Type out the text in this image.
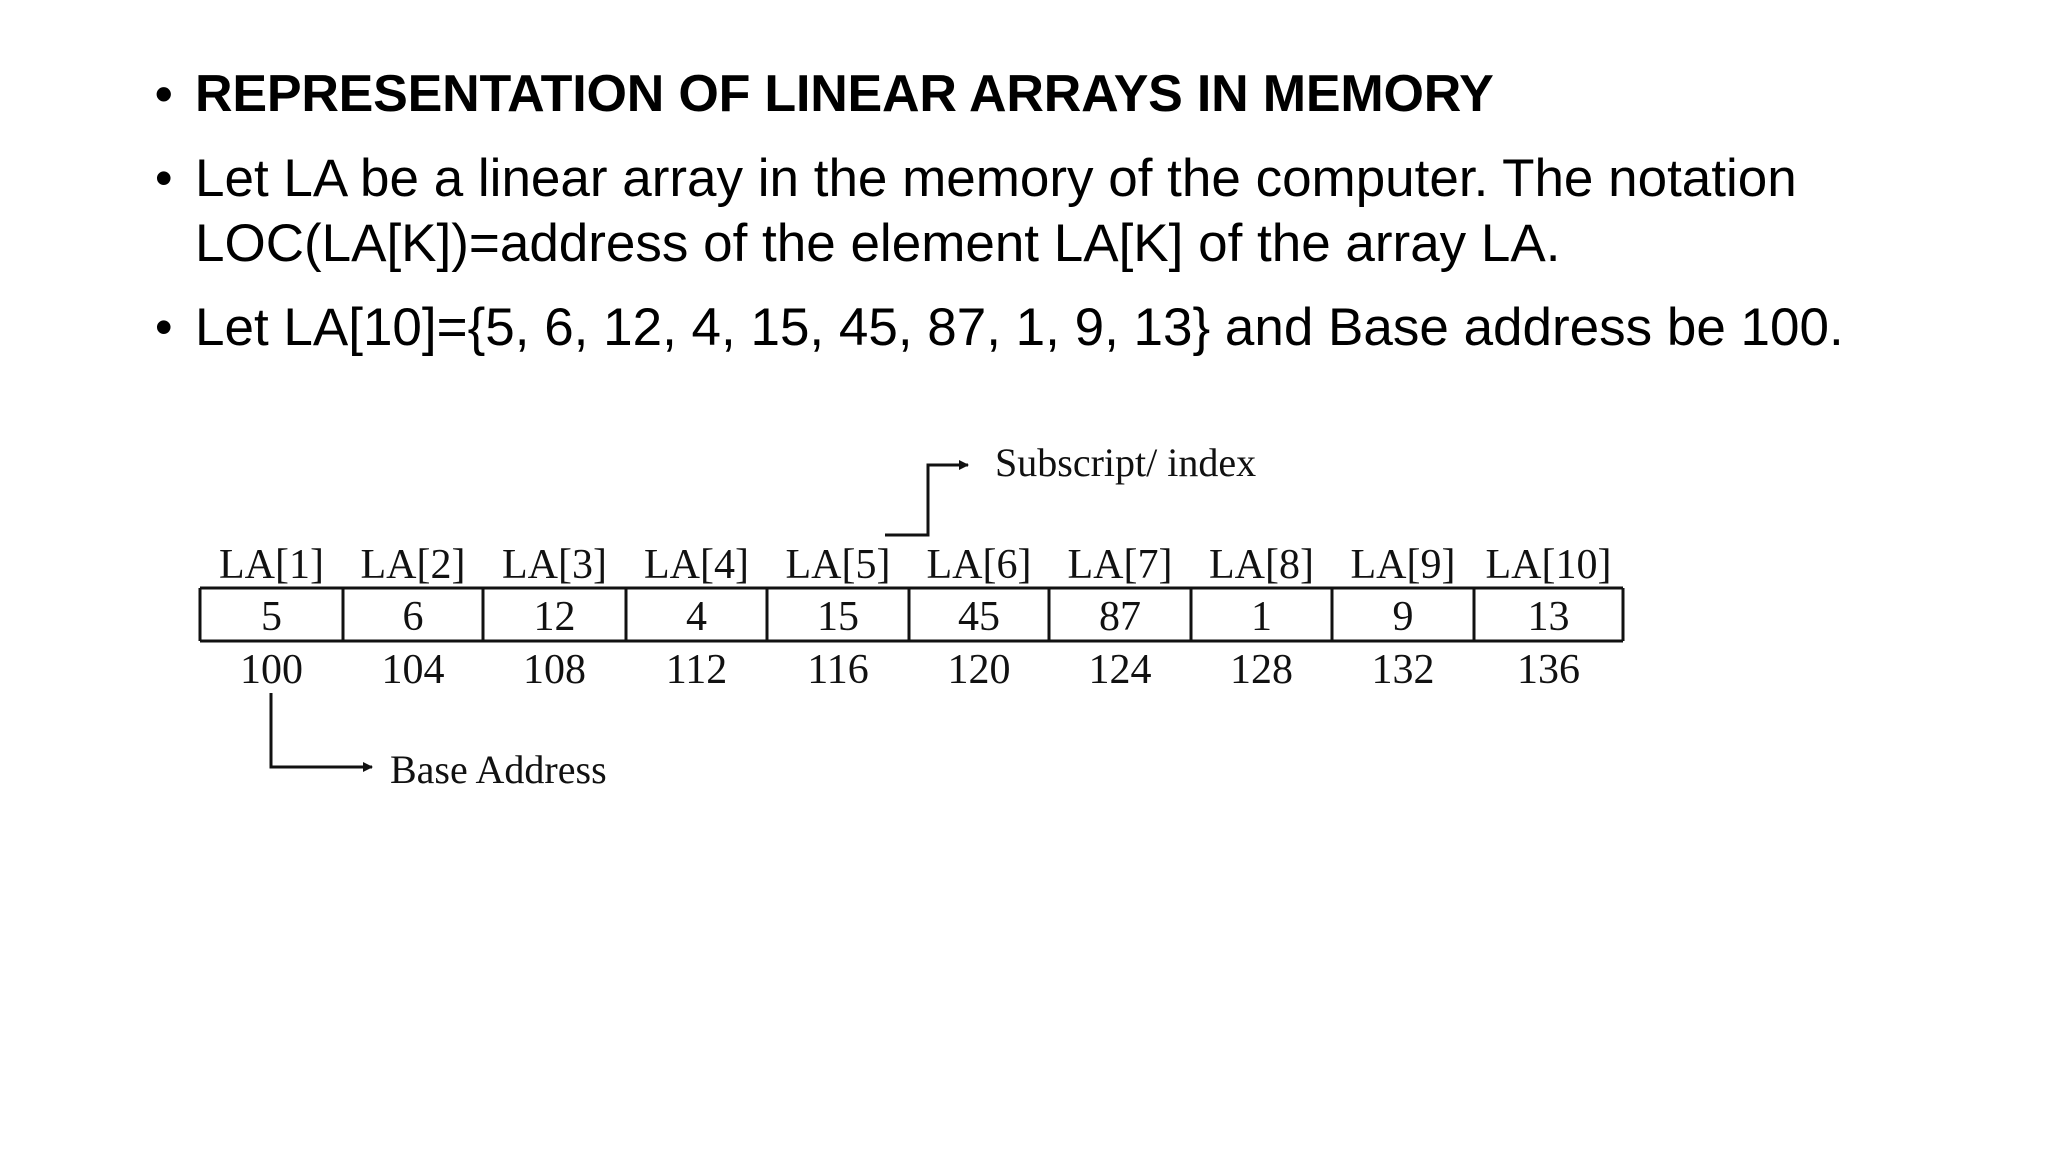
• REPRESENTATION OF LINEAR ARRAYS IN MEMORY
• Let LA be a linear array in the memory of the computer. The notation LOC(LA[K])=address of the element LA[K] of the array LA.
• Let LA[10]={5, 6, 12, 4, 15, 45, 87, 1, 9, 13} and Base address be 100.
Subscript/ index
LA[1] LA[2] LA[3] LA[4] LA[5] LA[6] LA[7] LA[8] LA[9] LA[10]
5	6	12	4	15 45 87	1	9	13
100 104 108 112 116 120 124 128 132 136
Base Address
